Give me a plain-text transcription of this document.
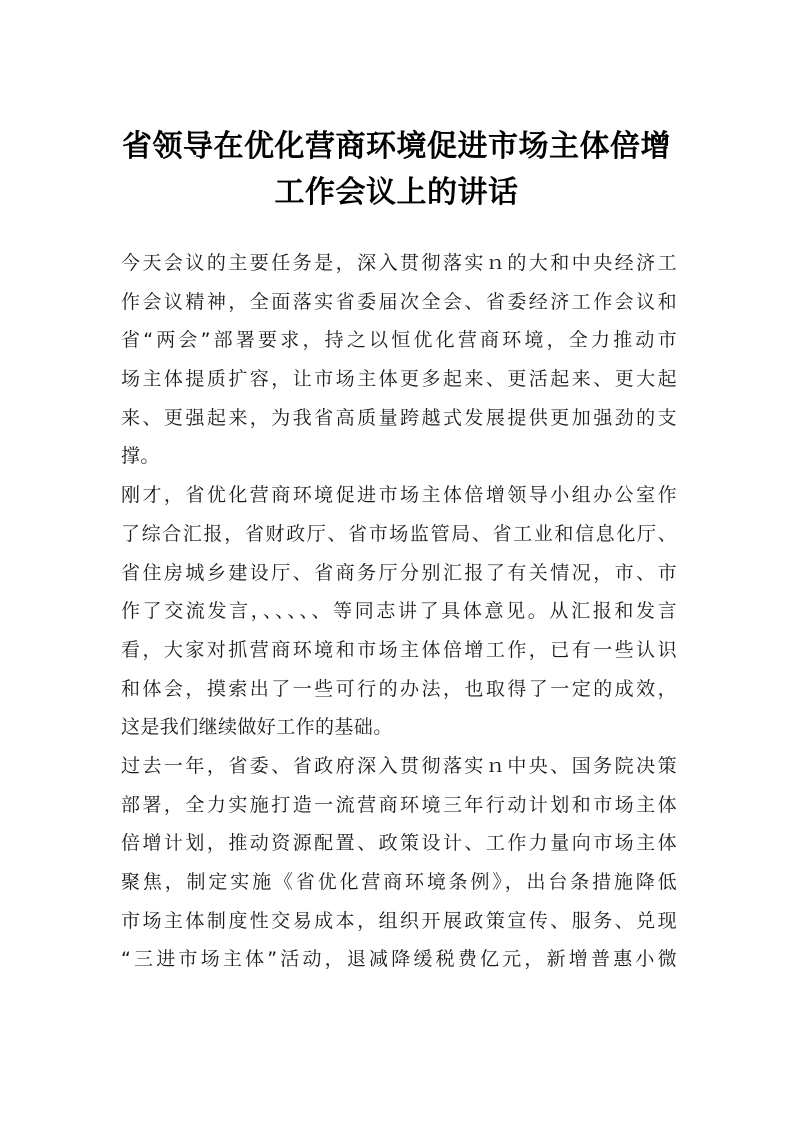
省领导在优化营商环境促进市场主体倍增
工作会议上的讲话
今天会议的主要任务是，深入贯彻落实ｎ的大和中央经济工
作会议精神，全面落实省委届次全会、省委经济工作会议和
省“两会”部署要求，持之以恒优化营商环境，全力推动市
场主体提质扩容，让市场主体更多起来、更活起来、更大起
来、更强起来，为我省高质量跨越式发展提供更加强劲的支
撑。
刚才，省优化营商环境促进市场主体倍增领导小组办公室作
了综合汇报，省财政厅、省市场监管局、省工业和信息化厅、
省住房城乡建设厅、省商务厅分别汇报了有关情况，市、市
作了交流发言，、、、、、等同志讲了具体意见。从汇报和发言
看，大家对抓营商环境和市场主体倍增工作，已有一些认识
和体会，摸索出了一些可行的办法，也取得了一定的成效，
这是我们继续做好工作的基础。
过去一年，省委、省政府深入贯彻落实ｎ中央、国务院决策
部署，全力实施打造一流营商环境三年行动计划和市场主体
倍增计划，推动资源配置、政策设计、工作力量向市场主体
聚焦，制定实施《省优化营商环境条例》，出台条措施降低
市场主体制度性交易成本，组织开展政策宣传、服务、兑现
“三进市场主体”活动，退减降缓税费亿元，新增普惠小微
